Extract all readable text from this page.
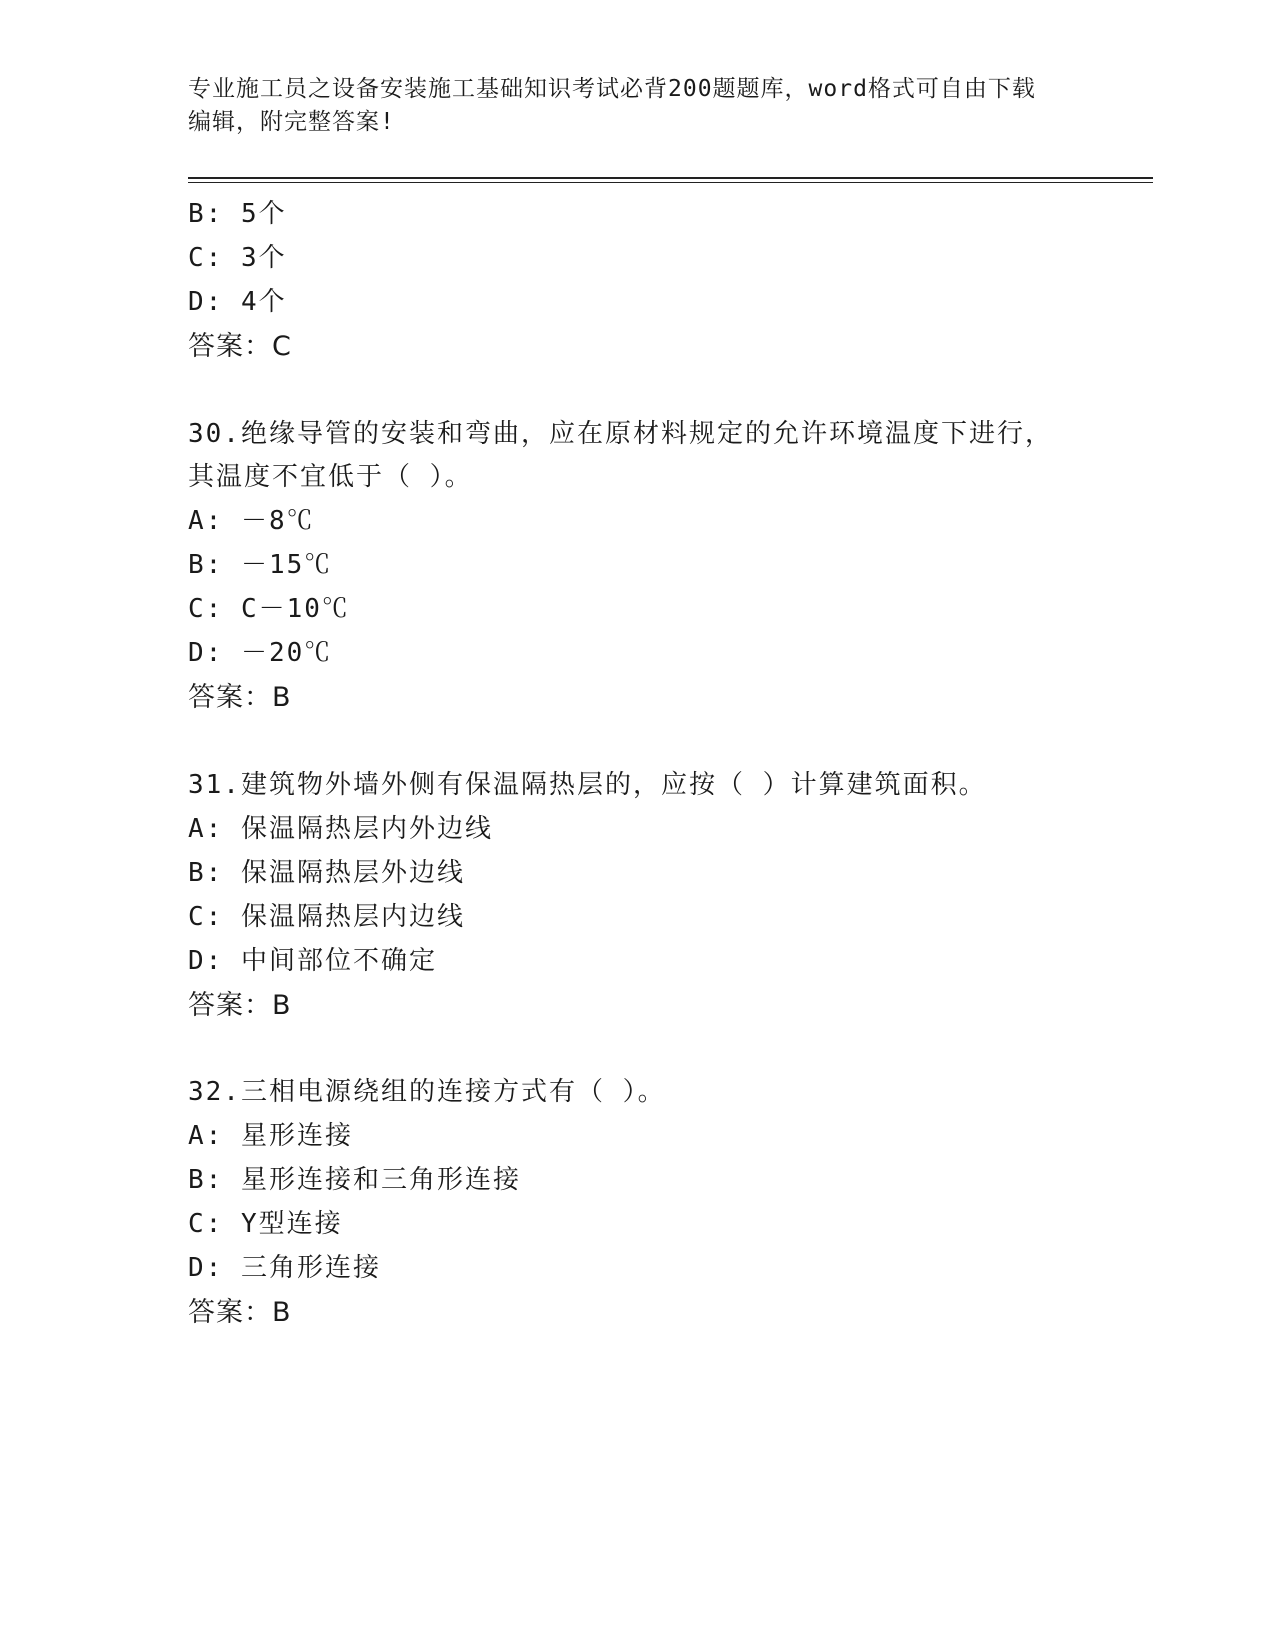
专业施工员之设备安装施工基础知识考试必背200题题库，word格式可自由下载
编辑，附完整答案!
B: 5个
C: 3个
D: 4个
答案：C
30.绝缘导管的安装和弯曲，应在原材料规定的允许环境温度下进行，
其温度不宜低于（ ）。
A: －8℃
B: －15℃
C: C－10℃
D: －20℃
答案：B
31.建筑物外墙外侧有保温隔热层的，应按（ ）计算建筑面积。
A: 保温隔热层内外边线
B: 保温隔热层外边线
C: 保温隔热层内边线
D: 中间部位不确定
答案：B
32.三相电源绕组的连接方式有（ ）。
A: 星形连接
B: 星形连接和三角形连接
C: Y型连接
D: 三角形连接
答案：B
